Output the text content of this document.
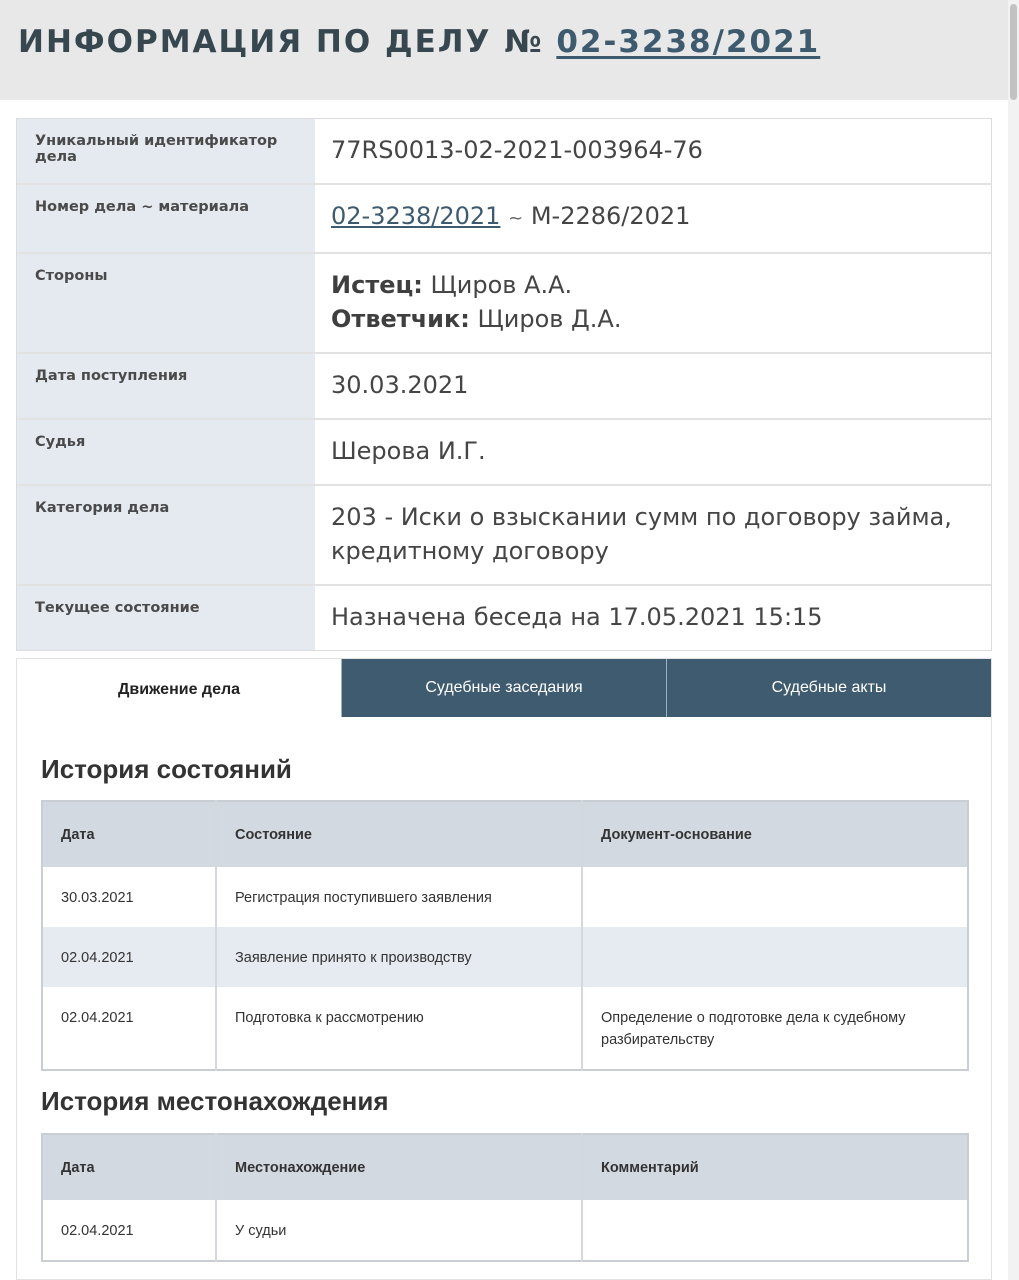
ИНФОРМАЦИЯ ПО ДЕЛУ № 02-3238/2021
Уникальный идентификатор дела	77RS0013-02-2021-003964-76
Номер дела ~ материала	02-3238/2021 ~ М-2286/2021
Стороны	Истец: Щиров А.А.
Ответчик: Щиров Д.А.
Дата поступления	30.03.2021
Судья	Шерова И.Г.
Категория дела	203 - Иски о взыскании сумм по договору займа, кредитному договору
Текущее состояние	Назначена беседа на 17.05.2021 15:15
Движение дела	Судебные заседания	Судебные акты
История состояний
Дата	Состояние	Документ-основание
30.03.2021	Регистрация поступившего заявления	
02.04.2021	Заявление принято к производству	
02.04.2021	Подготовка к рассмотрению	Определение о подготовке дела к судебному разбирательству
История местонахождения
Дата	Местонахождение	Комментарий
02.04.2021	У судьи	
